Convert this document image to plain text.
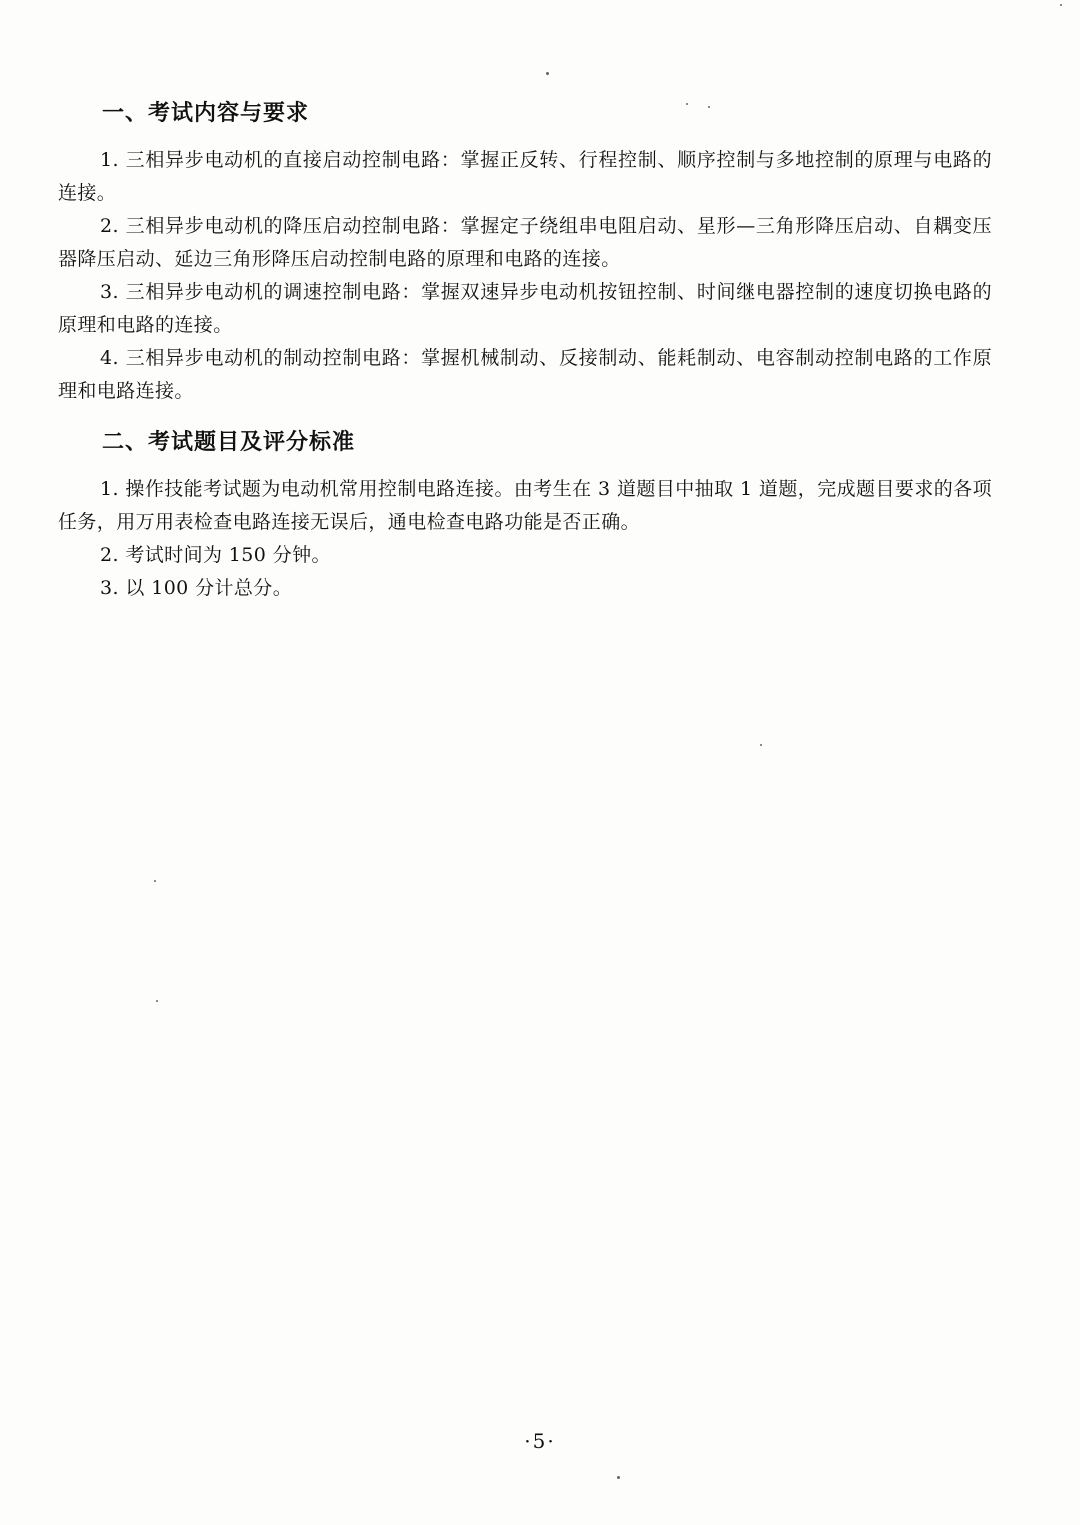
一、考试内容与要求

1. 三相异步电动机的直接启动控制电路：掌握正反转、行程控制、顺序控制与多地控制的原理与电路的连接。

2. 三相异步电动机的降压启动控制电路：掌握定子绕组串电阻启动、星形—三角形降压启动、自耦变压器降压启动、延边三角形降压启动控制电路的原理和电路的连接。

3. 三相异步电动机的调速控制电路：掌握双速异步电动机按钮控制、时间继电器控制的速度切换电路的原理和电路的连接。

4. 三相异步电动机的制动控制电路：掌握机械制动、反接制动、能耗制动、电容制动控制电路的工作原理和电路连接。

二、考试题目及评分标准

1. 操作技能考试题为电动机常用控制电路连接。由考生在 3 道题目中抽取 1 道题，完成题目要求的各项任务，用万用表检查电路连接无误后，通电检查电路功能是否正确。

2. 考试时间为 150 分钟。

3. 以 100 分计总分。

·5·
